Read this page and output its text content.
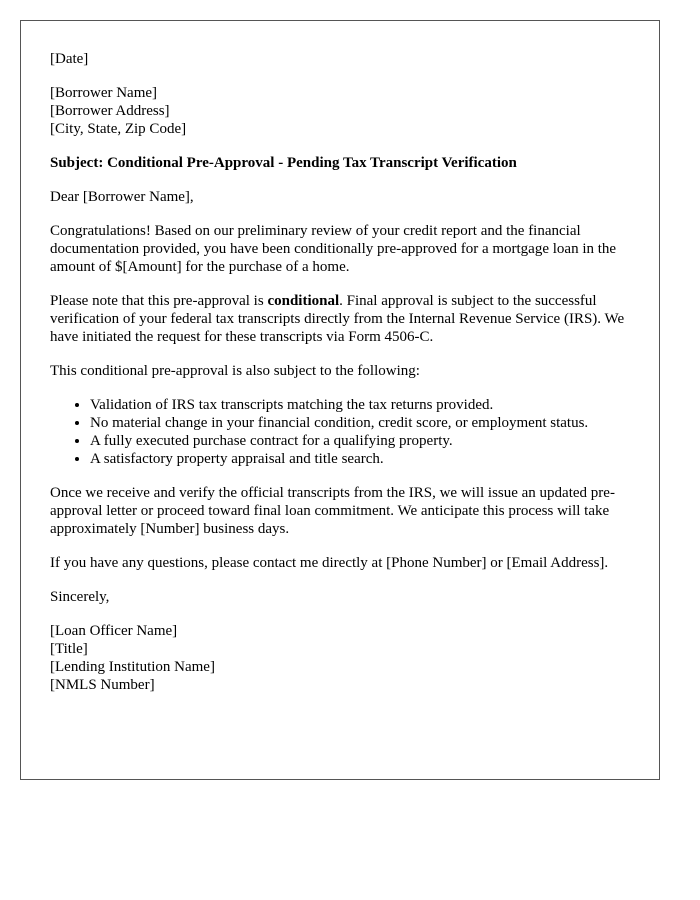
[Date]

[Borrower Name]
[Borrower Address]
[City, State, Zip Code]

Subject: Conditional Pre-Approval - Pending Tax Transcript Verification

Dear [Borrower Name],

Congratulations! Based on our preliminary review of your credit report and the financial documentation provided, you have been conditionally pre-approved for a mortgage loan in the amount of $[Amount] for the purchase of a home.

Please note that this pre-approval is conditional. Final approval is subject to the successful verification of your federal tax transcripts directly from the Internal Revenue Service (IRS). We have initiated the request for these transcripts via Form 4506-C.

This conditional pre-approval is also subject to the following:

• Validation of IRS tax transcripts matching the tax returns provided.
• No material change in your financial condition, credit score, or employment status.
• A fully executed purchase contract for a qualifying property.
• A satisfactory property appraisal and title search.

Once we receive and verify the official transcripts from the IRS, we will issue an updated pre-approval letter or proceed toward final loan commitment. We anticipate this process will take approximately [Number] business days.

If you have any questions, please contact me directly at [Phone Number] or [Email Address].

Sincerely,

[Loan Officer Name]
[Title]
[Lending Institution Name]
[NMLS Number]
